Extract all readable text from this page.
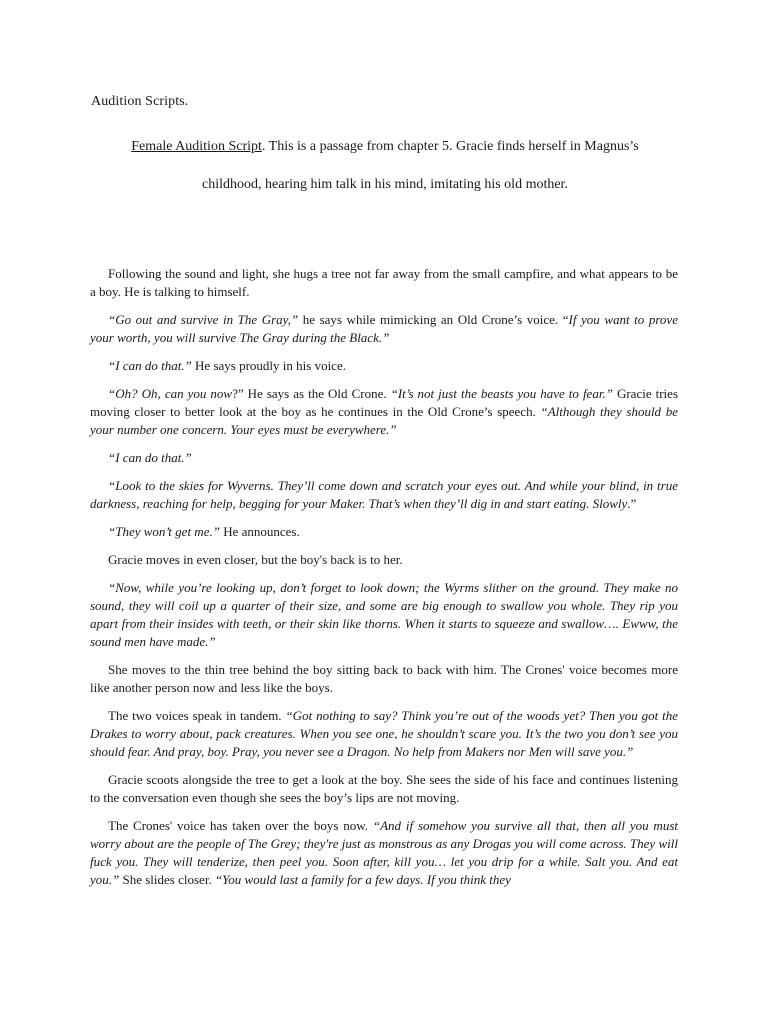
Audition Scripts.
Female Audition Script. This is a passage from chapter 5. Gracie finds herself in Magnus’s
childhood, hearing him talk in his mind, imitating his old mother.

Following the sound and light, she hugs a tree not far away from the small campfire, and what appears to be a boy. He is talking to himself.

“Go out and survive in The Gray,” he says while mimicking an Old Crone’s voice. “If you want to prove your worth, you will survive The Gray during the Black.”

“I can do that.” He says proudly in his voice.

“Oh? Oh, can you now?” He says as the Old Crone. “It’s not just the beasts you have to fear.” Gracie tries moving closer to better look at the boy as he continues in the Old Crone’s speech. “Although they should be your number one concern. Your eyes must be everywhere.”

“I can do that.”

“Look to the skies for Wyverns. They’ll come down and scratch your eyes out. And while your blind, in true darkness, reaching for help, begging for your Maker. That’s when they’ll dig in and start eating. Slowly.”

“They won’t get me.” He announces.

Gracie moves in even closer, but the boy's back is to her.

“Now, while you’re looking up, don’t forget to look down; the Wyrms slither on the ground. They make no sound, they will coil up a quarter of their size, and some are big enough to swallow you whole. They rip you apart from their insides with teeth, or their skin like thorns. When it starts to squeeze and swallow…. Ewww, the sound men have made.”

She moves to the thin tree behind the boy sitting back to back with him. The Crones' voice becomes more like another person now and less like the boys.

The two voices speak in tandem. “Got nothing to say? Think you’re out of the woods yet? Then you got the Drakes to worry about, pack creatures. When you see one, he shouldn’t scare you. It’s the two you don’t see you should fear. And pray, boy. Pray, you never see a Dragon. No help from Makers nor Men will save you.”

Gracie scoots alongside the tree to get a look at the boy. She sees the side of his face and continues listening to the conversation even though she sees the boy’s lips are not moving.

The Crones' voice has taken over the boys now. “And if somehow you survive all that, then all you must worry about are the people of The Grey; they're just as monstrous as any Drogas you will come across. They will fuck you. They will tenderize, then peel you. Soon after, kill you… let you drip for a while. Salt you. And eat you.” She slides closer. “You would last a family for a few days. If you think they
